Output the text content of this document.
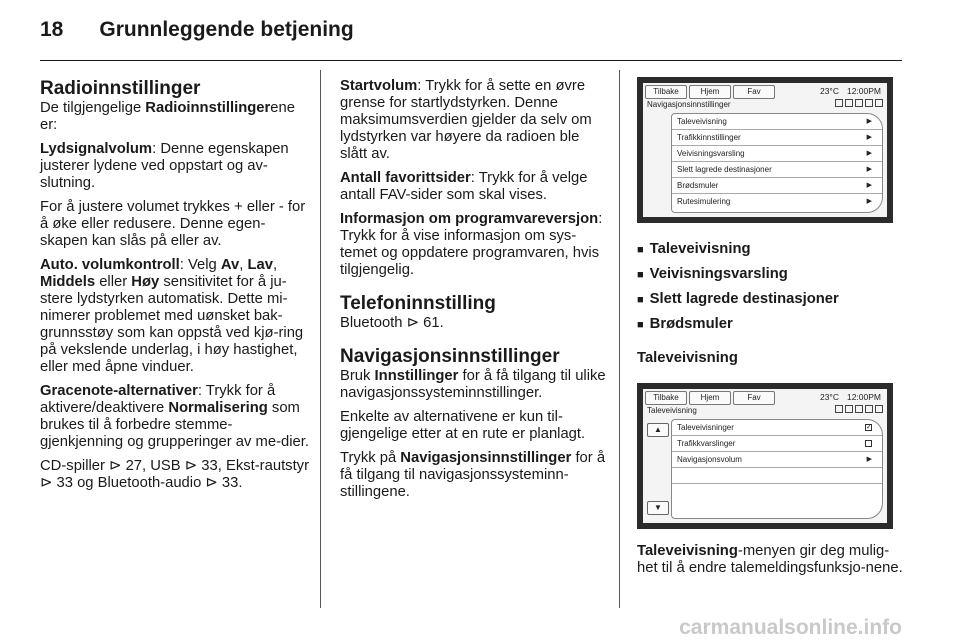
18 Grunnleggende betjening
Radioinnstillinger

De tilgjengelige Radioinnstillingerene er:

Lydsignalvolum: Denne egenskapen justerer lydene ved oppstart og av-slutning.

For å justere volumet trykkes + eller - for å øke eller redusere. Denne egen-skapen kan slås på eller av.

Auto. volumkontroll: Velg Av, Lav, Middels eller Høy sensitivitet for å ju-stere lydstyrken automatisk. Dette mi-nimerer problemet med uønsket bak-grunnsstøy som kan oppstå ved kjø-ring på vekslende underlag, i høy hastighet, eller med åpne vinduer.

Gracenote-alternativer: Trykk for å aktivere/deaktivere Normalisering som brukes til å forbedre stemme-gjenkjenning og grupperinger av me-dier.

CD-spiller ⊳ 27, USB ⊳ 33, Ekst-rautstyr ⊳ 33 og Bluetooth-audio ⊳ 33.

Startvolum: Trykk for å sette en øvre grense for startlydstyrken. Denne maksimumsverdien gjelder da selv om lydstyrken var høyere da radioen ble slått av.

Antall favorittsider: Trykk for å velge antall FAV-sider som skal vises.

Informasjon om programvareversjon: Trykk for å vise informasjon om sys-temet og oppdatere programvaren, hvis tilgjengelig.

Telefoninnstilling

Bluetooth ⊳ 61.

Navigasjonsinnstillinger

Bruk Innstillinger for å få tilgang til ulike navigasjonssysteminnstillinger.

Enkelte av alternativene er kun til-gjengelige etter at en rute er planlagt.

Trykk på Navigasjonsinnstillinger for å få tilgang til navigasjonssysteminn-stillingene.

Tilbake	Hjem	Fav	23°C 12:00PM
Navigasjonsinnstillinger
Taleveivisning	▶
Trafikkinnstillinger	▶
Veivisningsvarsling	▶
Slett lagrede destinasjoner	▶
Brødsmuler	▶
Rutesimulering	▶
■ Taleveivisning
■ Veivisningsvarsling
■ Slett lagrede destinasjoner
■ Brødsmuler

Taleveivisning

Tilbake	Hjem	Fav	23°C 12:00PM
Taleveivisning
▲
▼
Taleveivisninger	✓
Trafikkvarslinger
Navigasjonsvolum	▶

Taleveivisning-menyen gir deg mulig-het til å endre talemeldingsfunksjo-nene.

carmanualsonline.info
